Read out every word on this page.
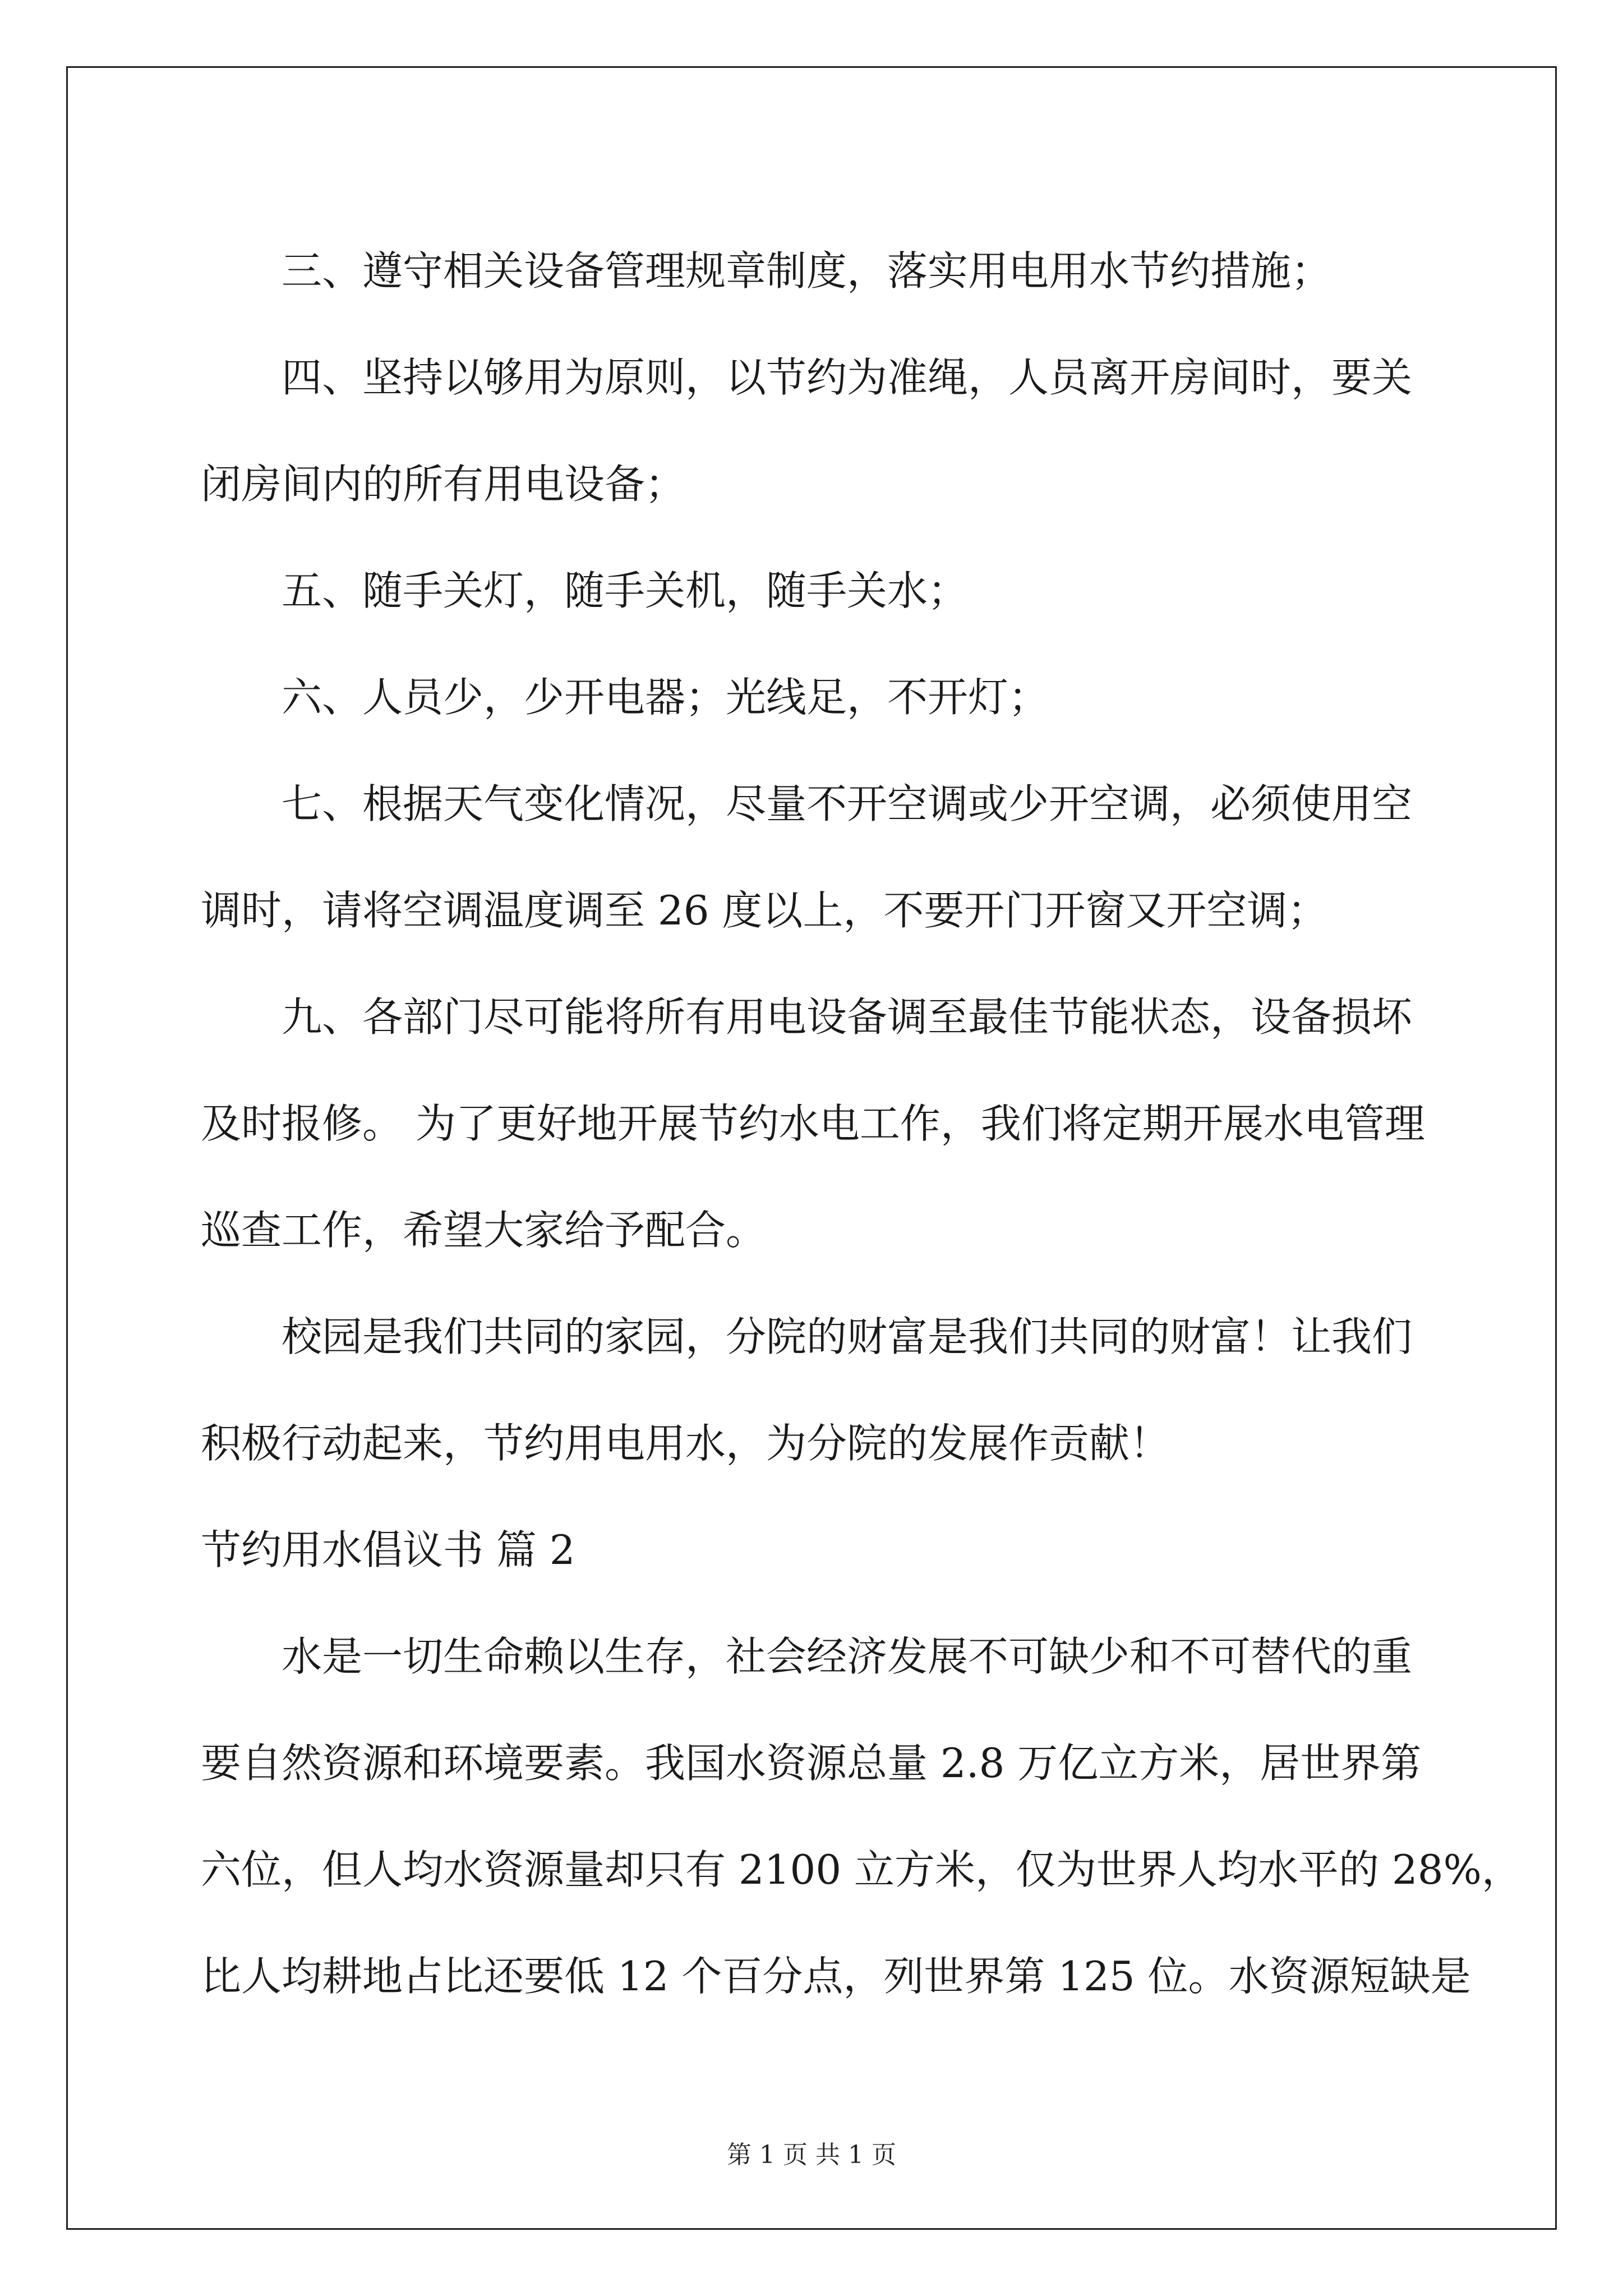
三、遵守相关设备管理规章制度，落实用电用水节约措施；
四、坚持以够用为原则，以节约为准绳，人员离开房间时，要关
闭房间内的所有用电设备；
五、随手关灯，随手关机，随手关水；
六、人员少，少开电器；光线足，不开灯；
七、根据天气变化情况，尽量不开空调或少开空调，必须使用空
调时，请将空调温度调至 26 度以上，不要开门开窗又开空调；
九、各部门尽可能将所有用电设备调至最佳节能状态，设备损坏
及时报修。 为了更好地开展节约水电工作，我们将定期开展水电管理
巡查工作，希望大家给予配合。
校园是我们共同的家园，分院的财富是我们共同的财富！让我们
积极行动起来，节约用电用水，为分院的发展作贡献！
节约用水倡议书 篇 2
水是一切生命赖以生存，社会经济发展不可缺少和不可替代的重
要自然资源和环境要素。我国水资源总量 2.8 万亿立方米，居世界第
六位，但人均水资源量却只有 2100 立方米，仅为世界人均水平的 28%，
比人均耕地占比还要低 12 个百分点，列世界第 125 位。水资源短缺是
第 1 页 共 1 页
